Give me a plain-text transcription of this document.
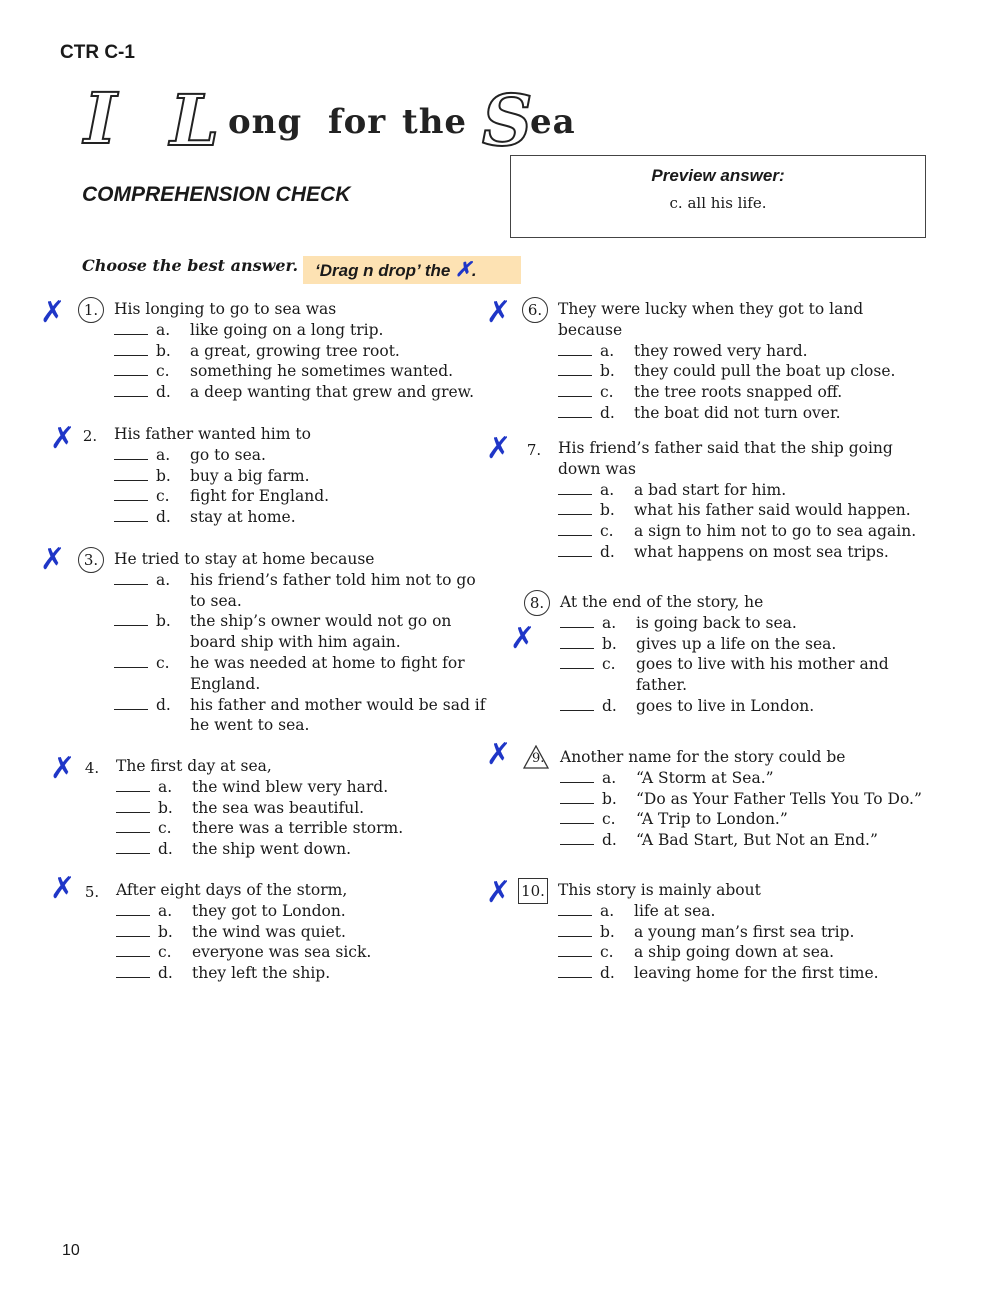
CTR C-1
I L ong for the S
ea
COMPREHENSION CHECK
Preview answer:
c. all his life.
Choose the best answer. ‘Drag n drop’ the ✗.
1.	His longing to go to sea was
a. like going on a long trip.
b. a great, growing tree root.
c. something he sometimes wanted.
d. a deep wanting that grew and grew.
2.	His father wanted him to
a. go to sea.
b. buy a big farm.
c. fight for England.
d. stay at home.
3.	He tried to stay at home because
a. his friend’s father told him not to go to sea.
b. the ship’s owner would not go on board ship with him again.
c. he was needed at home to fight for England.
d. his father and mother would be sad if he went to sea.
4.	The first day at sea,
a. the wind blew very hard.
b. the sea was beautiful.
c. there was a terrible storm.
d. the ship went down.
5.	After eight days of the storm,
a. they got to London.
b. the wind was quiet.
c. everyone was sea sick.
d. they left the ship.
6.	They were lucky when they got to land because
a. they rowed very hard.
b. they could pull the boat up close.
c. the tree roots snapped off.
d. the boat did not turn over.
7.	His friend’s father said that the ship going down was
a. a bad start for him.
b. what his father said would happen.
c. a sign to him not to go to sea again.
d. what happens on most sea trips.
8.	At the end of the story, he
a. is going back to sea.
b. gives up a life on the sea.
c. goes to live with his mother and father.
d. goes to live in London.
9. Another name for the story could be
a. “A Storm at Sea.”
b. “Do as Your Father Tells You To Do.”
c. “A Trip to London.”
d. “A Bad Start, But Not an End.”
10. This story is mainly about
a. life at sea.
b. a young man’s first sea trip.
c. a ship going down at sea.
d. leaving home for the first time.
✗
✗
✗
✗
✗
✗
✗
✗
✗
✗
10
